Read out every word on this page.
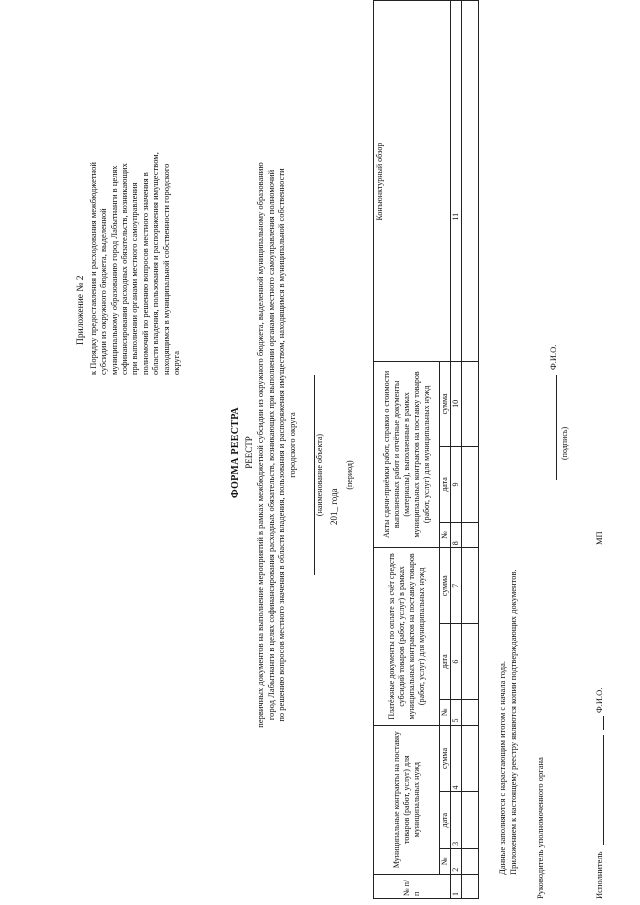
Приложение № 2 к Порядку предоставления и расходования межбюджетной субсидии из окружного бюджета, выделенной муниципальному образованию город Лабытнанги в целях софинансирования расходных обязательств, возникающих при выполнении органами местного самоуправления полномочий по решению вопросов местного значения в области владения, пользования и распоряжения имуществом, находящимся в муниципальной собственности городского округа
ФОРМА РЕЕСТРА РЕЕСТР первичных документов на выполнение мероприятий в рамках межбюджетной субсидии из окружного бюджета, выделенной муниципальному образованию город Лабытнанги в целях софинансирования расходных обязательств, возникающих при выполнении органами местного самоуправления полномочий по решению вопросов местного значения в области владения, пользования и распоряжения имуществом, находящимся в муниципальной собственности городского округа (наименование объекта) 201_ года
(период)
№ п/п	Муниципальные контракты на поставку товаров (работ, услуг) для муниципальных нужд			Платёжные документы по оплате за счёт средств субсидий товаров (работ, услуг) в рамках муниципальных контрактов на поставку товаров (работ, услуг) для муниципальных нужд			Акты сдачи-приёмки работ, справки о стоимости выполненных работ и отчётные документы (материалы), выполненные в рамках муниципальных контрактов на поставку товаров (работ, услуг) для муниципальных нужд			Конъюнктурный обзор
	№	дата	сумма	№	дата	сумма	№	дата	сумма	
1	2	3	4	5	6	7	8	9	10	11

Данные заполняются с нарастающим итогом с начала года. Приложением к настоящему реестру являются копии подтверждающих документов. Руководитель уполномоченного органа
Ф.И.О.
(подпись)
МП
Исполнитель
Ф.И.О.
